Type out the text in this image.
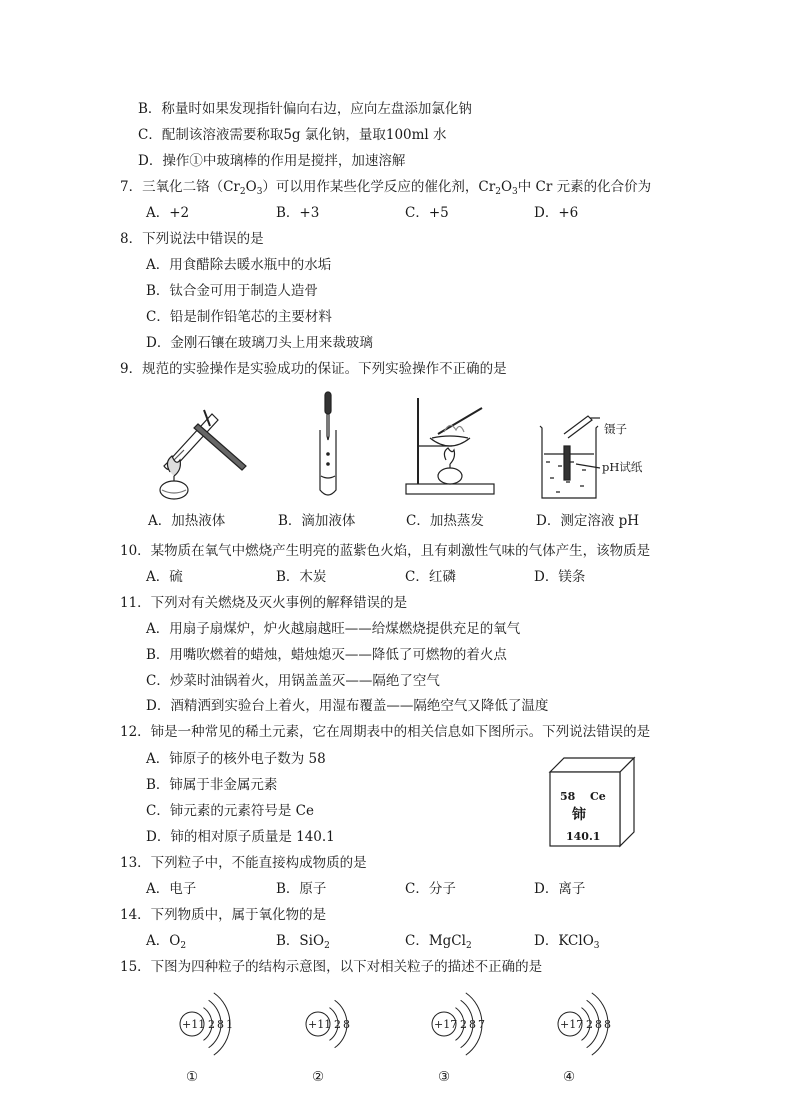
B．称量时如果发现指针偏向右边，应向左盘添加氯化钠
C．配制该溶液需要称取5g 氯化钠，量取100ml 水
D．操作①中玻璃棒的作用是搅拌，加速溶解
7．三氧化二铬$(Cr_2O_3)$可以用作某些化学反应的催化剂，$Cr_2O_3$中 Cr 元素的化合价为
A．+2	B．+3	C．+5	D．+6
8．下列说法中错误的是
A．用食醋除去暖水瓶中的水垢
B．钛合金可用于制造人造骨
C．铅是制作铅笔芯的主要材料
D．金刚石镶在玻璃刀头上用来裁玻璃
9．规范的实验操作是实验成功的保证。下列实验操作不正确的是
镊子
pH试纸
A．加热液体	B．滴加液体	C．加热蒸发	D．测定溶液 pH
10．某物质在氧气中燃烧产生明亮的蓝紫色火焰，且有刺激性气味的气体产生，该物质是
A．硫	B．木炭	C．红磷	D．镁条
11．下列对有关燃烧及灭火事例的解释错误的是
A．用扇子扇煤炉，炉火越扇越旺——给煤燃烧提供充足的氧气
B．用嘴吹燃着的蜡烛，蜡烛熄灭——降低了可燃物的着火点
C．炒菜时油锅着火，用锅盖盖灭——隔绝了空气
D．酒精洒到实验台上着火，用湿布覆盖——隔绝空气又降低了温度
12．铈是一种常见的稀土元素，它在周期表中的相关信息如下图所示。下列说法错误的是
A．铈原子的核外电子数为 58
B．铈属于非金属元素
C．铈元素的元素符号是 Ce
D．铈的相对原子质量是 140.1
58 Ce
铈
140.1
13．下列粒子中，不能直接构成物质的是
A．电子	B．原子	C．分子	D．离子
14．下列物质中，属于氧化物的是
A．$O_2$	B．SiO$_2$	C．MgCl$_2$	D．KClO$_3$
15．下图为四种粒子的结构示意图，以下对相关粒子的描述不正确的是
+11 2 8 1	+11 2 8	+17 2 8 7	+17 2 8 8
①	②	③	④
